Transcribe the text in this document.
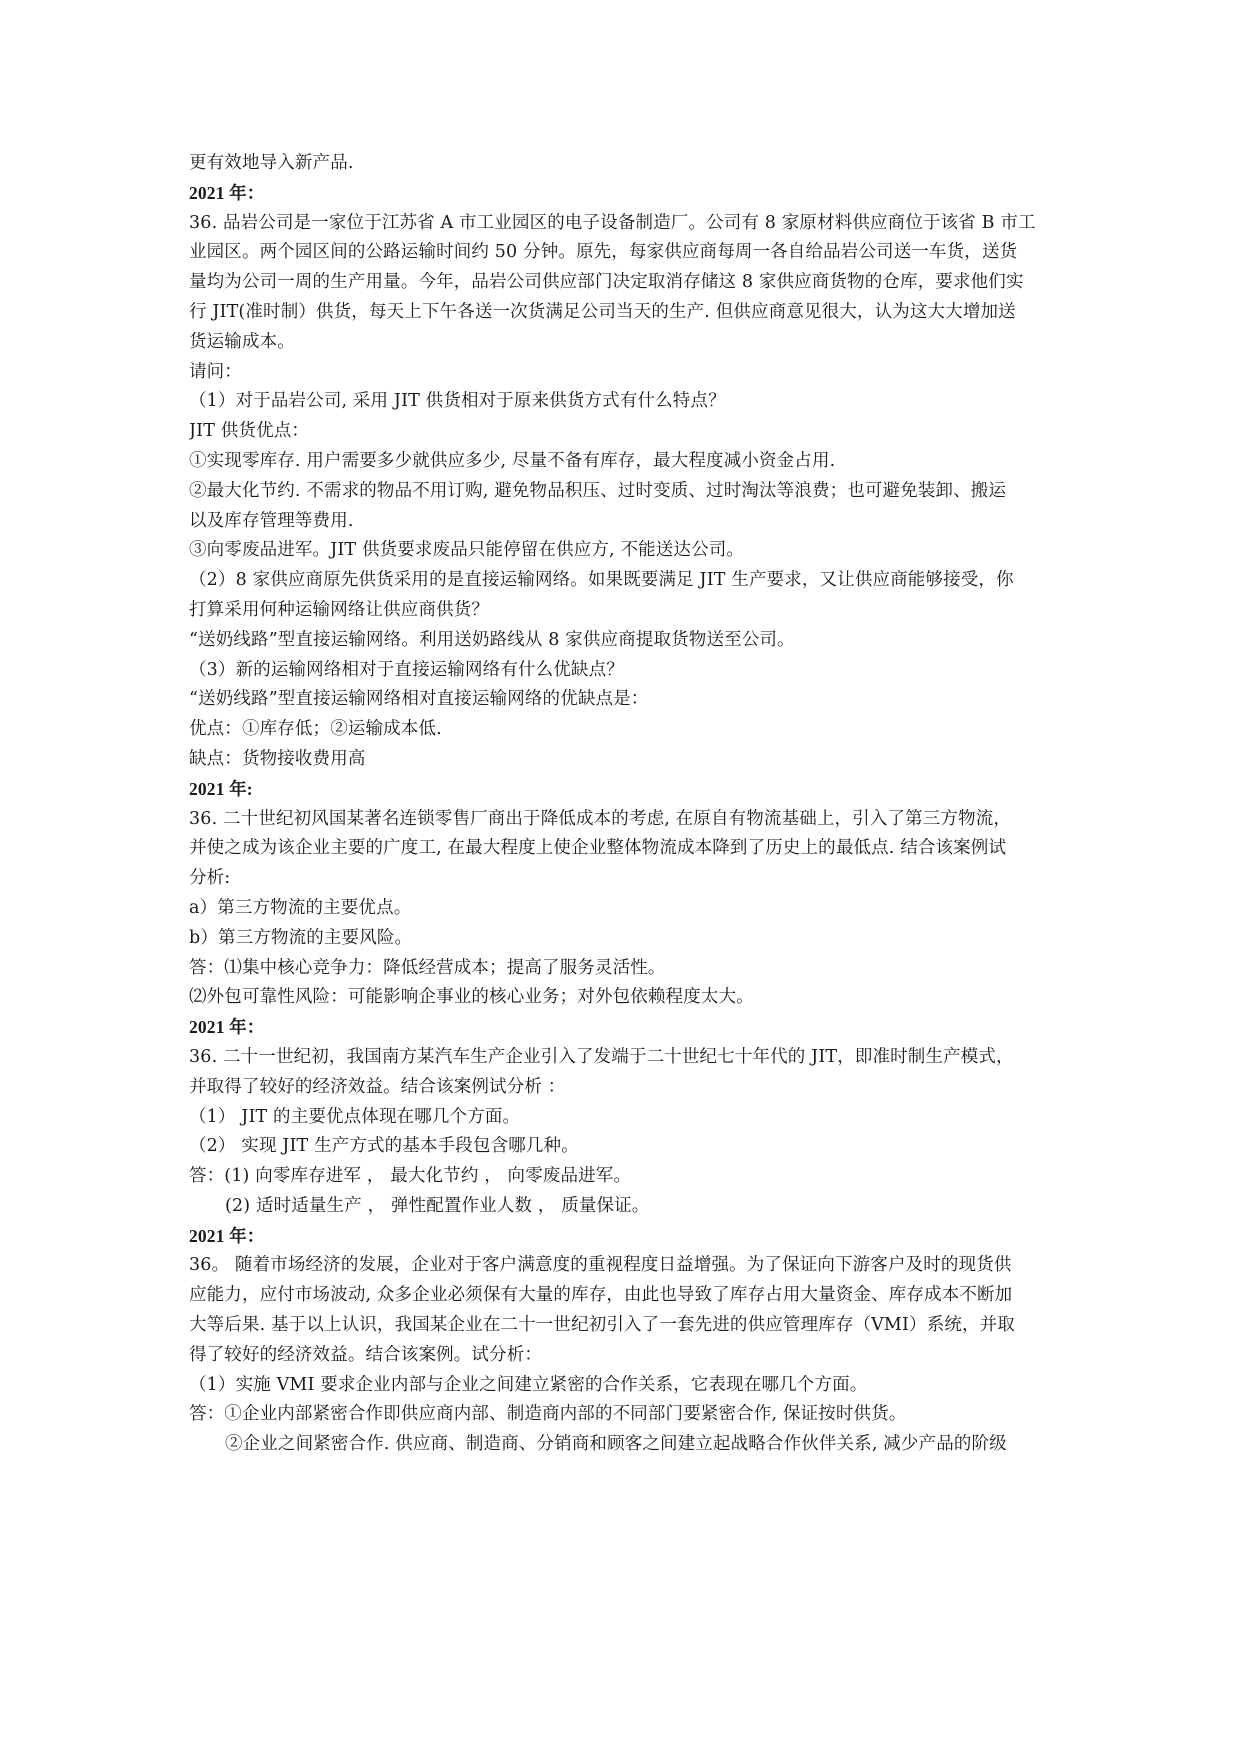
更有效地导入新产品.
2021 年：
36. 品岩公司是一家位于江苏省 A 市工业园区的电子设备制造厂。公司有 8 家原材料供应商位于该省 B 市工
业园区。两个园区间的公路运输时间约 50 分钟。原先，每家供应商每周一各自给品岩公司送一车货，送货
量均为公司一周的生产用量。今年，品岩公司供应部门决定取消存储这 8 家供应商货物的仓库，要求他们实
行 JIT(准时制）供货，每天上下午各送一次货满足公司当天的生产. 但供应商意见很大，认为这大大增加送
货运输成本。
请问：
（1）对于品岩公司, 采用 JIT 供货相对于原来供货方式有什么特点？
JIT 供货优点：
①实现零库存. 用户需要多少就供应多少, 尽量不备有库存，最大程度减小资金占用.
②最大化节约. 不需求的物品不用订购, 避免物品积压、过时变质、过时淘汰等浪费；也可避免装卸、搬运
以及库存管理等费用.
③向零废品进军。JIT 供货要求废品只能停留在供应方, 不能送达公司。
（2）8 家供应商原先供货采用的是直接运输网络。如果既要满足 JIT 生产要求，又让供应商能够接受，你
打算采用何种运输网络让供应商供货？
“送奶线路”型直接运输网络。利用送奶路线从 8 家供应商提取货物送至公司。
（3）新的运输网络相对于直接运输网络有什么优缺点？
“送奶线路”型直接运输网络相对直接运输网络的优缺点是：
优点：①库存低；②运输成本低.
缺点：货物接收费用高
2021 年:
36. 二十世纪初风国某著名连锁零售厂商出于降低成本的考虑, 在原自有物流基础上，引入了第三方物流，
并使之成为该企业主要的广度工, 在最大程度上使企业整体物流成本降到了历史上的最低点. 结合该案例试
分析:
a）第三方物流的主要优点。
b）第三方物流的主要风险。
答：⑴集中核心竞争力：降低经营成本；提高了服务灵活性。
⑵外包可靠性风险：可能影响企事业的核心业务；对外包依赖程度太大。
2021 年：
36. 二十一世纪初，我国南方某汽车生产企业引入了发端于二十世纪七十年代的 JIT，即准时制生产模式，
并取得了较好的经济效益。结合该案例试分析 ：
（1） JIT 的主要优点体现在哪几个方面。
（2） 实现 JIT 生产方式的基本手段包含哪几种。
答：(1) 向零库存进军 ， 最大化节约 ， 向零废品进军。
(2) 适时适量生产 ， 弹性配置作业人数 ， 质量保证。
2021 年：
36。 随着市场经济的发展，企业对于客户满意度的重视程度日益增强。为了保证向下游客户及时的现货供
应能力，应付市场波动, 众多企业必须保有大量的库存，由此也导致了库存占用大量资金、库存成本不断加
大等后果. 基于以上认识，我国某企业在二十一世纪初引入了一套先进的供应管理库存（VMI）系统，并取
得了较好的经济效益。结合该案例。试分析：
（1）实施 VMI 要求企业内部与企业之间建立紧密的合作关系，它表现在哪几个方面。
答：①企业内部紧密合作即供应商内部、制造商内部的不同部门要紧密合作, 保证按时供货。
②企业之间紧密合作. 供应商、制造商、分销商和顾客之间建立起战略合作伙伴关系, 减少产品的阶级
